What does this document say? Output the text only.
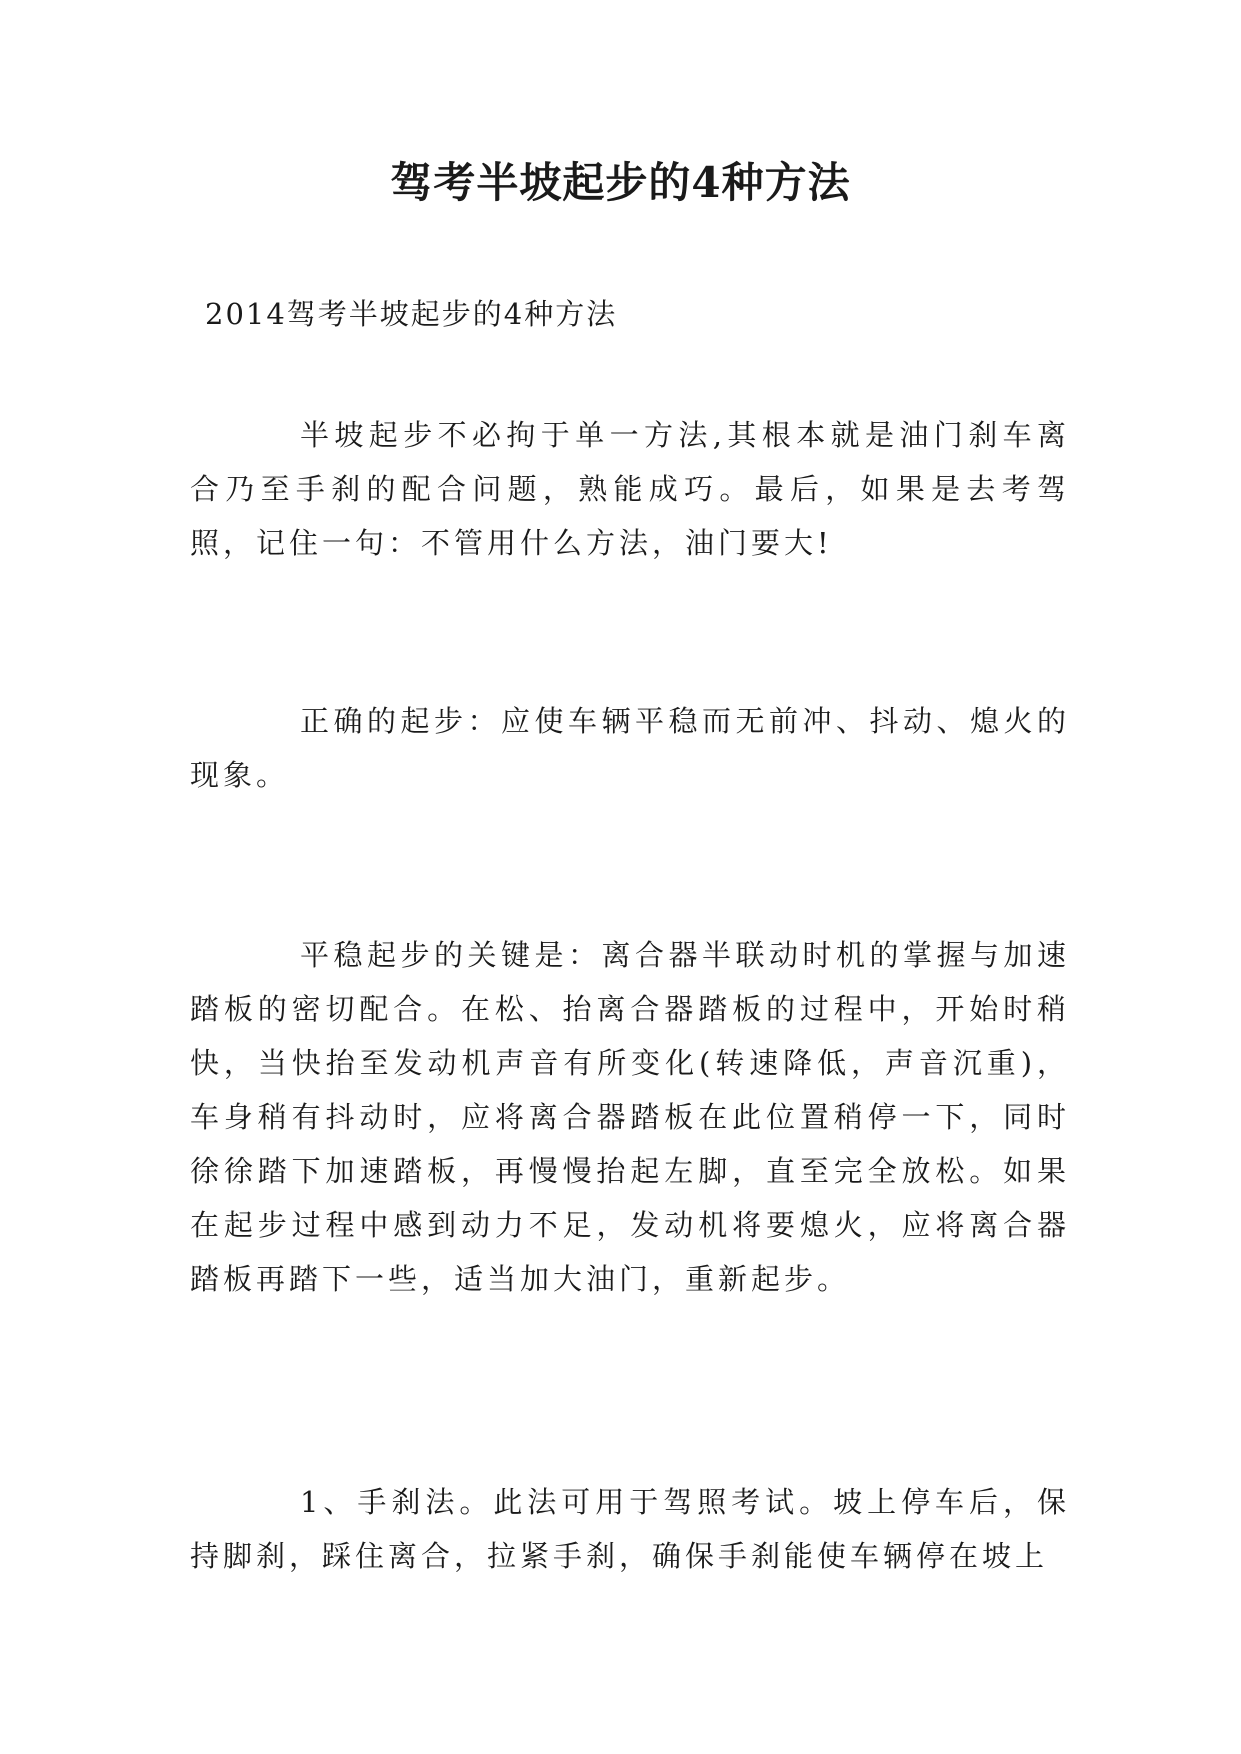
驾考半坡起步的4种方法
2014驾考半坡起步的4种方法

半坡起步不必拘于单一方法,其根本就是油门刹车离合乃至手刹的配合问题，熟能成巧。最后，如果是去考驾照，记住一句：不管用什么方法，油门要大!

正确的起步：应使车辆平稳而无前冲、抖动、熄火的现象。

平稳起步的关键是：离合器半联动时机的掌握与加速踏板的密切配合。在松、抬离合器踏板的过程中，开始时稍快，当快抬至发动机声音有所变化(转速降低，声音沉重)，车身稍有抖动时，应将离合器踏板在此位置稍停一下，同时徐徐踏下加速踏板，再慢慢抬起左脚，直至完全放松。如果在起步过程中感到动力不足，发动机将要熄火，应将离合器踏板再踏下一些，适当加大油门，重新起步。

1、手刹法。此法可用于驾照考试。坡上停车后，保持脚刹，踩住离合，拉紧手刹，确保手刹能使车辆停在坡上
